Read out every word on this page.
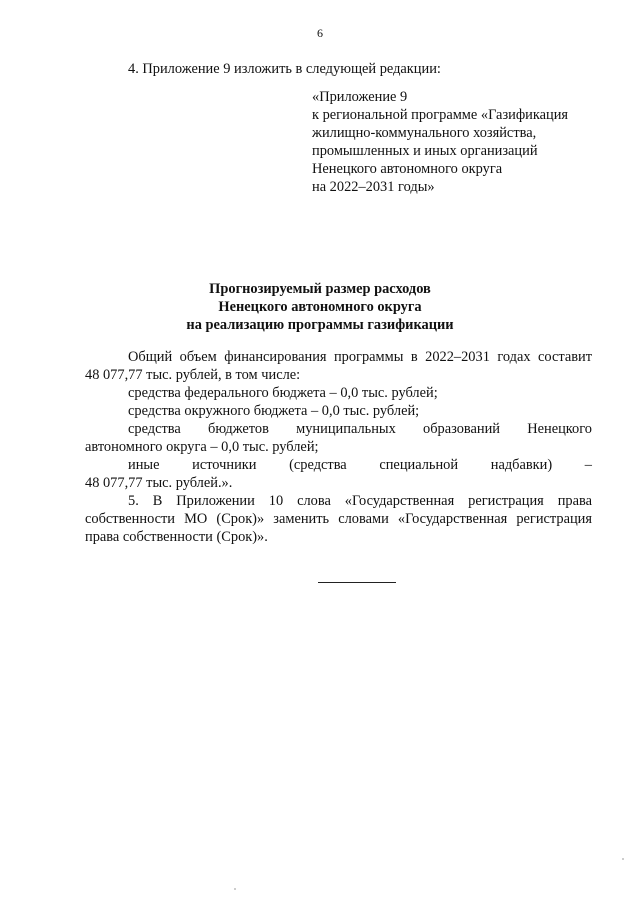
6
4. Приложение 9 изложить в следующей редакции:
«Приложение 9
к региональной программе «Газификация
жилищно-коммунального хозяйства,
промышленных и иных организаций
Ненецкого автономного округа
на 2022–2031 годы»
Прогнозируемый размер расходов
Ненецкого автономного округа
на реализацию программы газификации
Общий объем финансирования программы в 2022–2031 годах составит
48 077,77 тыс. рублей, в том числе:
средства федерального бюджета – 0,0 тыс. рублей;
средства окружного бюджета – 0,0 тыс. рублей;
средства бюджетов муниципальных образований Ненецкого
автономного округа – 0,0 тыс. рублей;
иные источники (средства специальной надбавки) –
48 077,77 тыс. рублей.».
5. В Приложении 10 слова «Государственная регистрация права
собственности МО (Срок)» заменить словами «Государственная регистрация
права собственности (Срок)».
